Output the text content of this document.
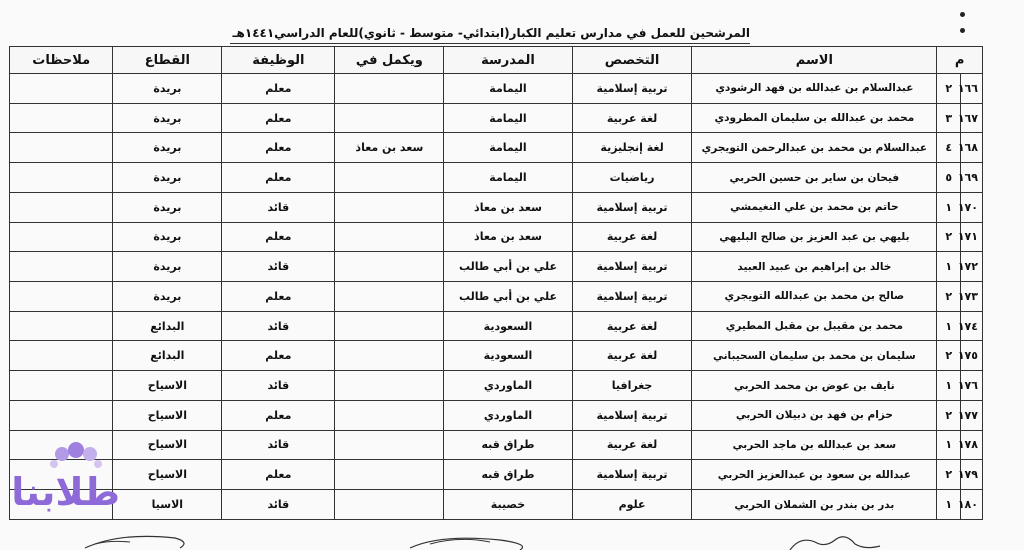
المرشحين للعمل في مدارس تعليم الكبار(ابتدائي- متوسط - ثانوي)للعام الدراسي١٤٤١هـ
م		الاسم	التخصص	المدرسة	ويكمل في	الوظيفة	القطاع	ملاحظات
١٦٦	٢	عبدالسلام بن عبدالله بن فهد الرشودي	تربية إسلامية	اليمامة		معلم	بريدة	
١٦٧	٣	محمد بن عبدالله بن سليمان المطرودي	لغة عربية	اليمامة		معلم	بريدة	
١٦٨	٤	عبدالسلام بن محمد بن عبدالرحمن التويجري	لغة إنجليزية	اليمامة	سعد بن معاذ	معلم	بريدة	
١٦٩	٥	فيحان بن ساير بن حسين الحربي	رياضيات	اليمامة		معلم	بريدة	
١٧٠	١	حاتم بن محمد بن علي النغيمشي	تربية إسلامية	سعد بن معاذ		قائد	بريدة	
١٧١	٢	بليهي بن عبد العزيز بن صالح البليهي	لغة عربية	سعد بن معاذ		معلم	بريدة	
١٧٢	١	خالد بن إبراهيم بن عبيد العبيد	تربية إسلامية	علي بن أبي طالب		قائد	بريدة	
١٧٣	٢	صالح بن محمد بن عبدالله التويجري	تربية إسلامية	علي بن أبي طالب		معلم	بريدة	
١٧٤	١	محمد بن مقيبل بن مقبل المطيري	لغة عربية	السعودية		قائد	البدائع	
١٧٥	٢	سليمان بن محمد بن سليمان السحيباني	لغة عربية	السعودية		معلم	البدائع	
١٧٦	١	نايف بن عوض بن محمد الحربي	جغرافيا	الماوردي		قائد	الاسياح	
١٧٧	٢	حزام بن فهد بن دبيلان الحربي	تربية إسلامية	الماوردي		معلم	الاسياح	
١٧٨	١	سعد بن عبدالله بن ماجد الحربي	لغة عربية	طراق قبه		قائد	الاسياح	
١٧٩	٢	عبدالله بن سعود بن عبدالعزيز الحربي	تربية إسلامية	طراق قبه		معلم	الاسياح	
١٨٠	١	بدر بن بندر بن الشملان الحربي	علوم	خصيبة		قائد	الاسيا	
طلابنا
